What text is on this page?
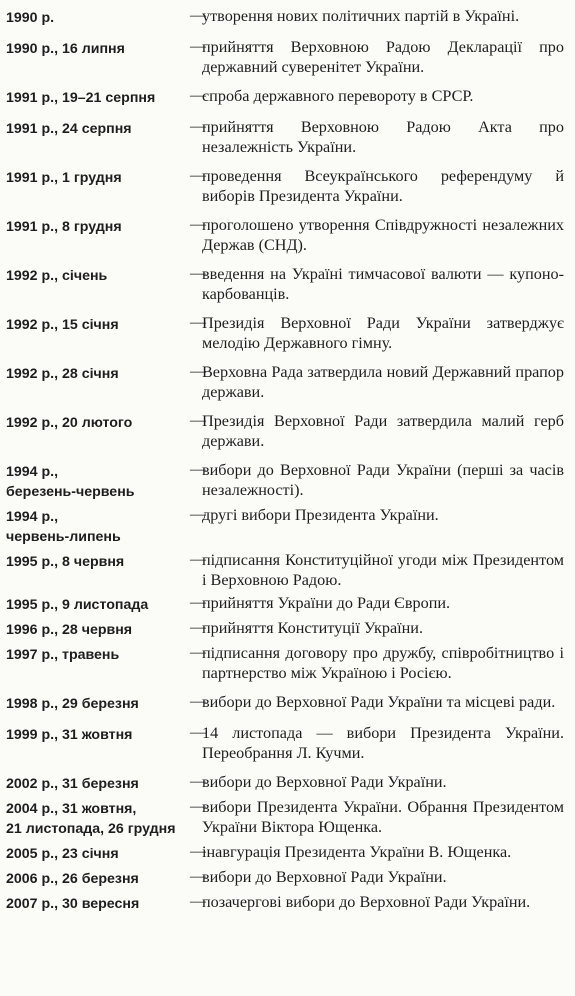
1990 р.	—
утворення нових політичних партій в Україні.
1990 р., 16 липня	—
прийняття Верховною Радою Декларації про державний суверенітет України.
1991 р., 19–21 серпня	—
спроба державного перевороту в СРСР.
1991 р., 24 серпня	—
прийняття Верховною Радою Акта про незалежність України.
1991 р., 1 грудня	—
проведення Всеукраїнського референдуму й виборів Президента України.
1991 р., 8 грудня	—
проголошено утворення Співдружності незалежних Держав (СНД).
1992 р., січень	—
введення на Україні тимчасової валюти — купоно-карбованців.
1992 р., 15 січня	—
Президія Верховної Ради України затверджує мелодію Державного гімну.
1992 р., 28 січня	—
Верховна Рада затвердила новий Державний прапор держави.
1992 р., 20 лютого	—
Президія Верховної Ради затвердила малий герб держави.
1994 р.,
березень-червень
—
вибори до Верховної Ради України (перші за часів незалежності).
1994 р.,
червень-липень
—
другі вибори Президента України.
1995 р., 8 червня	—
підписання Конституційної угоди між Президентом і Верховною Радою.
1995 р., 9 листопада	—
прийняття України до Ради Європи.
1996 р., 28 червня	—
прийняття Конституції України.
1997 р., травень	—
підписання договору про дружбу, співробітництво і партнерство між Україною і Росією.
1998 р., 29 березня	—
вибори до Верховної Ради України та місцеві ради.
1999 р., 31 жовтня	—
14 листопада — вибори Президента України. Переобрання Л. Кучми.
2002 р., 31 березня	—
вибори до Верховної Ради України.
2004 р., 31 жовтня,
21 листопада, 26 грудня
—
вибори Президента України. Обрання Президентом України Віктора Ющенка.
2005 р., 23 січня	—
інавгурація Президента України В. Ющенка.
2006 р., 26 березня	—
вибори до Верховної Ради України.
2007 р., 30 вересня	—
позачергові вибори до Верховної Ради України.
